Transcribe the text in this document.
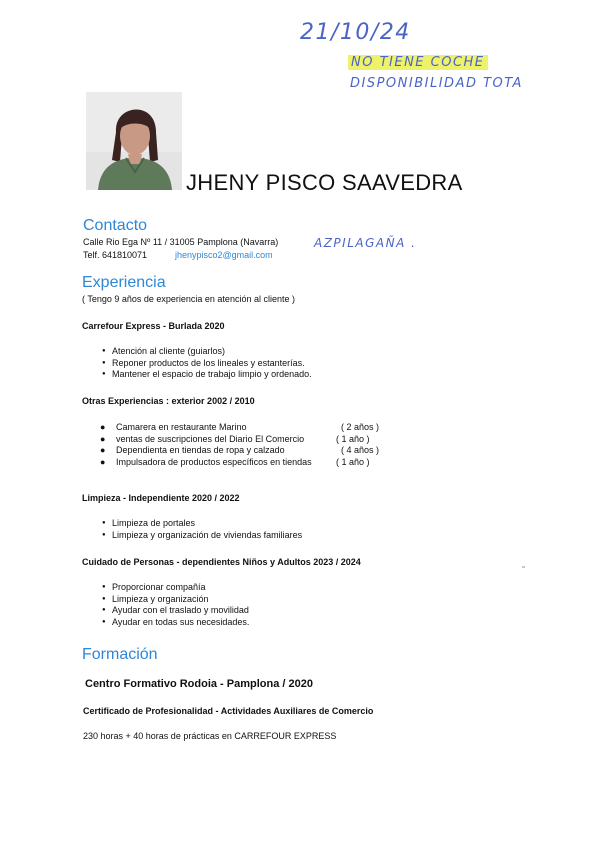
21/10/24
NO TIENE COCHE
DISPONIBILIDAD TOTA
AZPILAGAÑA .
JHENY PISCO SAAVEDRA
Contacto
Calle Rio Ega Nº 11 / 31005 Pamplona (Navarra)
Telf. 641810071	jhenypisco2@gmail.com
Experiencia
( Tengo 9 años de experiencia en atención al cliente )
Carrefour Express - Burlada 2020
● Atención al cliente (guiarlos)
● Reponer productos de los lineales y estanterías.
● Mantener el espacio de trabajo limpio y ordenado.
Otras Experiencias : exterior 2002 / 2010
● Camarera en restaurante Marino	( 2 años )
● ventas de suscripciones del Diario El Comercio	( 1 año )
● Dependienta en tiendas de ropa y calzado	( 4 años )
● Impulsadora de productos específicos en tiendas	( 1 año )
Limpieza - Independiente 2020 / 2022
● Limpieza de portales
● Limpieza y organización de viviendas familiares
Cuidado de Personas - dependientes Niños y Adultos 2023 / 2024
● Proporcionar compañía
● Limpieza y organización
● Ayudar con el traslado y movilidad
● Ayudar en todas sus necesidades.
Formación
Centro Formativo Rodoia - Pamplona / 2020
Certificado de Profesionalidad - Actividades Auxiliares de Comercio
230 horas + 40 horas de prácticas en CARREFOUR EXPRESS
